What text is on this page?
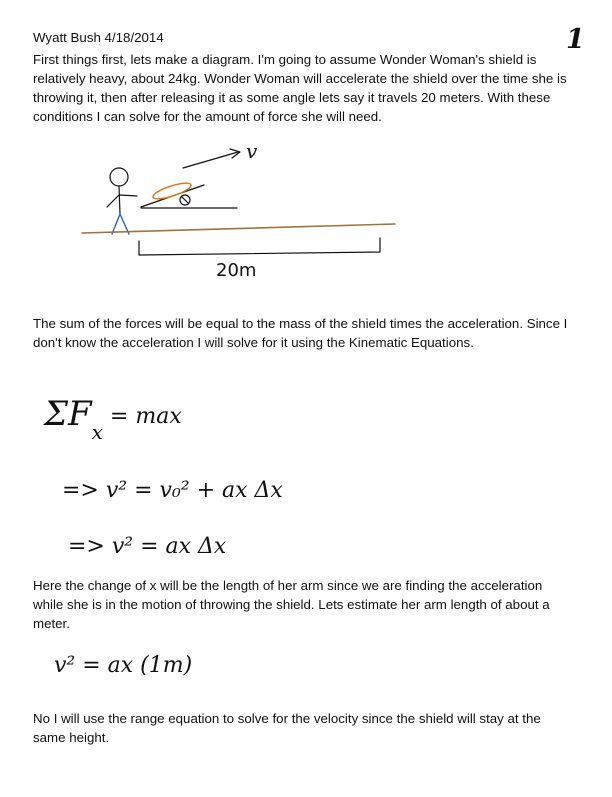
Wyatt Bush 4/18/2014	1

First things first, lets make a diagram. I'm going to assume Wonder Woman's shield is relatively heavy, about 24kg. Wonder Woman will accelerate the shield over the time she is throwing it, then after releasing it as some angle lets say it travels 20 meters. With these conditions I can solve for the amount of force she will need.

v
20m

The sum of the forces will be equal to the mass of the shield times the acceleration. Since I don't know the acceleration I will solve for it using the Kinematic Equations.

$\Sigma F_x$ $^{= max}$
=> v² = v₀² + ax Δx
=> v² = ax Δx
v² = ax (1m)

Here the change of x will be the length of her arm since we are finding the acceleration while she is in the motion of throwing the shield. Lets estimate her arm length of about a meter.

No I will use the range equation to solve for the velocity since the shield will stay at the same height.
